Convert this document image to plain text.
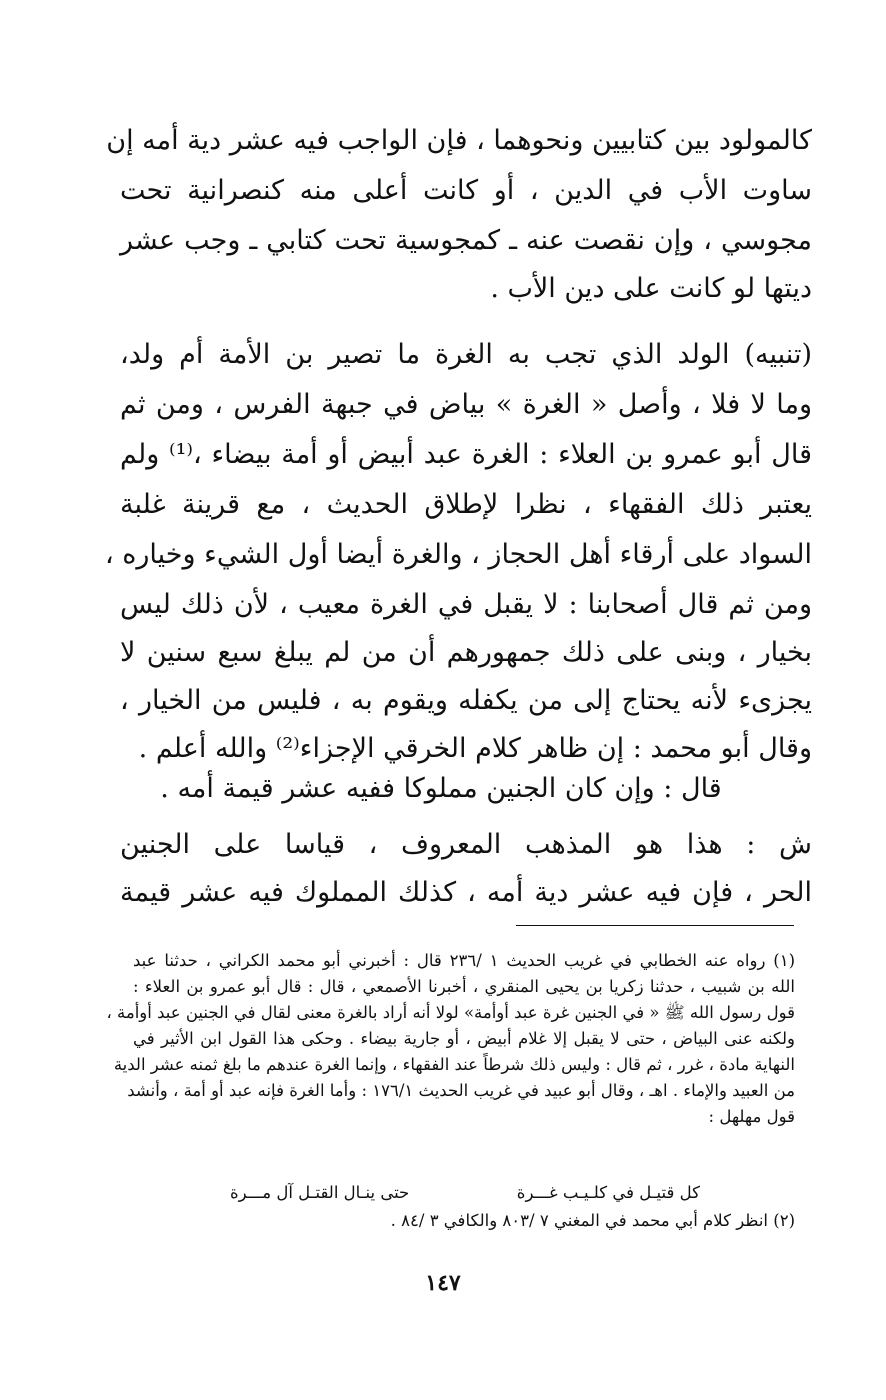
كالمولود بين كتابيين ونحوهما ، فإن الواجب فيه عشر دية أمه إن

ساوت الأب في الدين ، أو كانت أعلى منه كنصرانية تحت

مجوسي ، وإن نقصت عنه ـ كمجوسية تحت كتابي ـ وجب عشر

ديتها لو كانت على دين الأب .

(تنبيه) الولد الذي تجب به الغرة ما تصير بن الأمة أم ولد،

وما لا فلا ، وأصل « الغرة » بياض في جبهة الفرس ، ومن ثم

قال أبو عمرو بن العلاء : الغرة عبد أبيض أو أمة بيضاء ،⁽¹⁾ ولم

يعتبر ذلك الفقهاء ، نظرا لإطلاق الحديث ، مع قرينة غلبة

السواد على أرقاء أهل الحجاز ، والغرة أيضا أول الشيء وخياره ،

ومن ثم قال أصحابنا : لا يقبل في الغرة معيب ، لأن ذلك ليس

بخيار ، وبنى على ذلك جمهورهم أن من لم يبلغ سبع سنين لا

يجزىء لأنه يحتاج إلى من يكفله ويقوم به ، فليس من الخيار ،

وقال أبو محمد : إن ظاهر كلام الخرقي الإجزاء⁽²⁾ والله أعلم .

قال : وإن كان الجنين مملوكا ففيه عشر قيمة أمه .

ش : هذا هو المذهب المعروف ، قياسا على الجنين

الحر ، فإن فيه عشر دية أمه ، كذلك المملوك فيه عشر قيمة

(١) رواه عنه الخطابي في غريب الحديث ١ /٢٣٦ قال : أخبرني أبو محمد الكراني ، حدثنا عبد

الله بن شبيب ، حدثنا زكريا بن يحيى المنقري ، أخبرنا الأصمعي ، قال : قال أبو عمرو بن العلاء :

قول رسول الله ﷺ « في الجنين غرة عبد أوأمة» لولا أنه أراد بالغرة معنى لقال في الجنين عبد أوأمة ،

ولكنه عنى البياض ، حتى لا يقبل إلا غلام أبيض ، أو جارية بيضاء . وحكى هذا القول ابن الأثير في

النهاية مادة ، غرر ، ثم قال : وليس ذلك شرطاً عند الفقهاء ، وإنما الغرة عندهم ما بلغ ثمنه عشر الدية

من العبيد والإماء . اهـ ، وقال أبو عبيد في غريب الحديث ١٧٦/١ : وأما الغرة فإنه عبد أو أمة ، وأنشد

قول مهلهل :

كل قتيـل في كلـيـب غـــرة
حتى ينـال القتـل آل مـــرة

(٢) انظر كلام أبي محمد في المغني ٧ /٨٠٣ والكافي ٣ /٨٤ .

١٤٧
